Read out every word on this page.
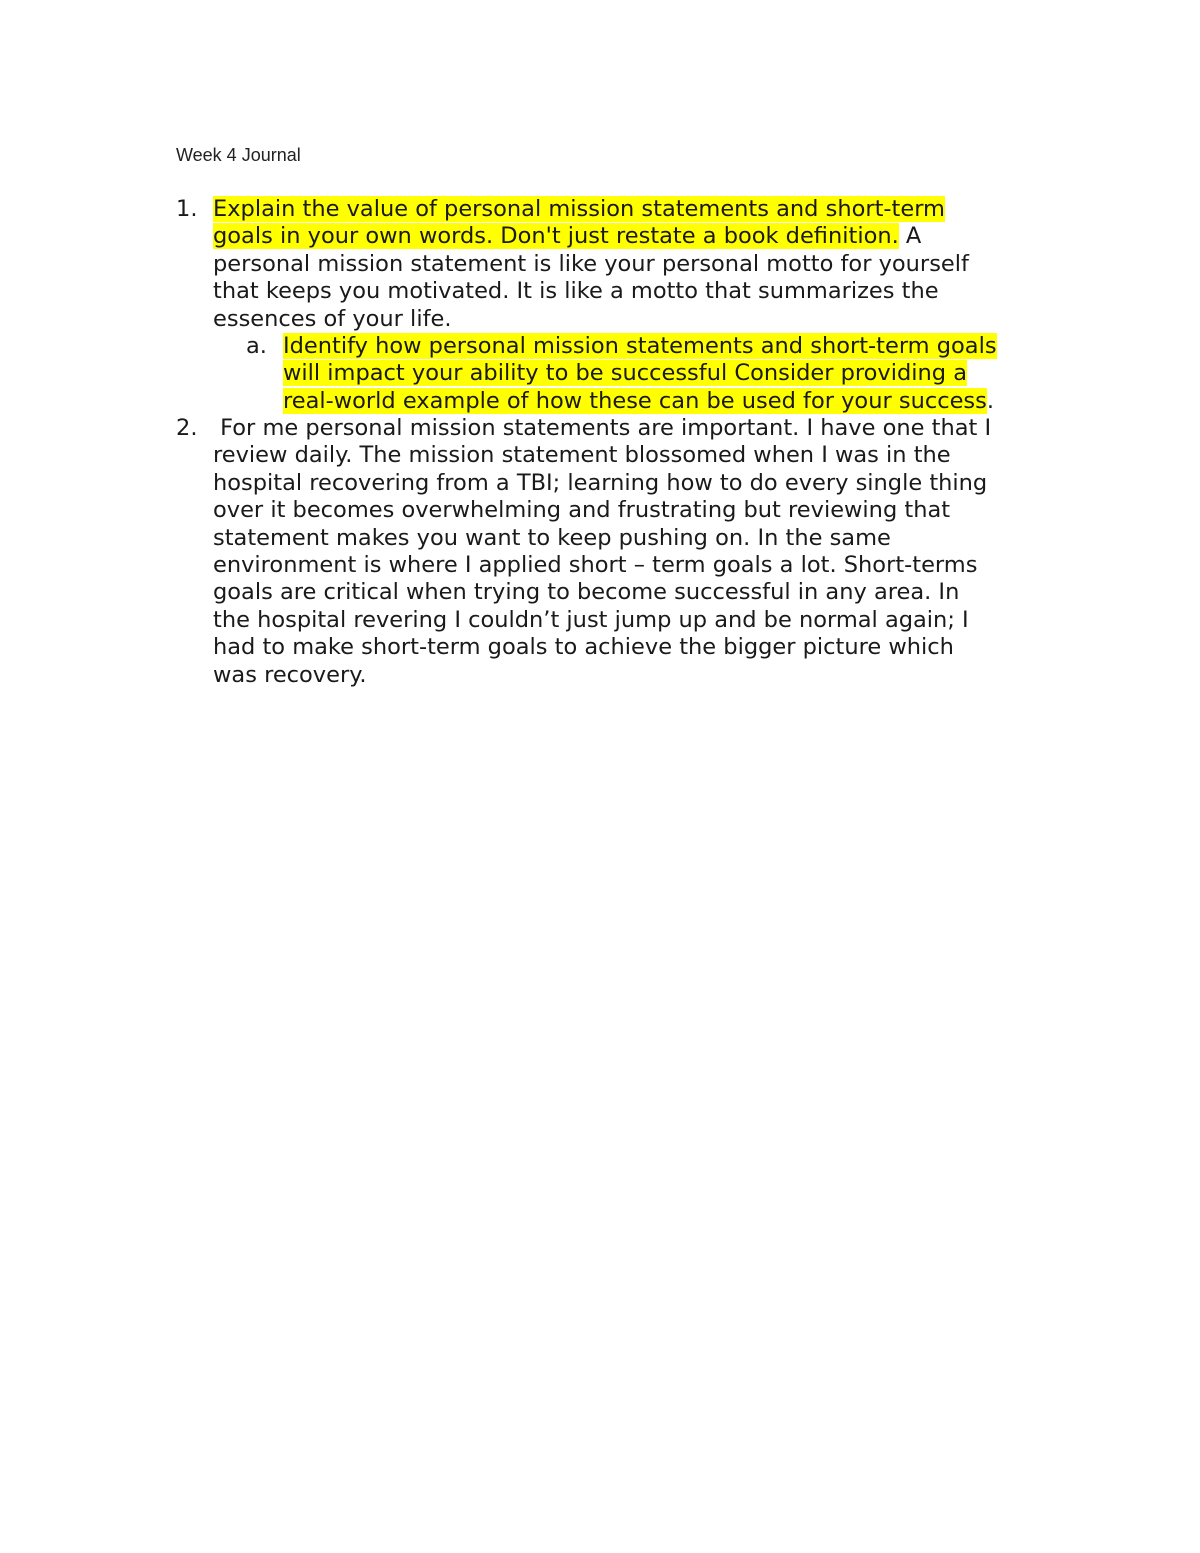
Week 4 Journal
1. Explain the value of personal mission statements and short-term
goals in your own words. Don't just restate a book definition. A
personal mission statement is like your personal motto for yourself
that keeps you motivated. It is like a motto that summarizes the
essences of your life.
a. Identify how personal mission statements and short-term goals
will impact your ability to be successful Consider providing a
real-world example of how these can be used for your success.
2. For me personal mission statements are important. I have one that I
review daily. The mission statement blossomed when I was in the
hospital recovering from a TBI; learning how to do every single thing
over it becomes overwhelming and frustrating but reviewing that
statement makes you want to keep pushing on. In the same
environment is where I applied short – term goals a lot. Short-terms
goals are critical when trying to become successful in any area. In
the hospital revering I couldn’t just jump up and be normal again; I
had to make short-term goals to achieve the bigger picture which
was recovery.
